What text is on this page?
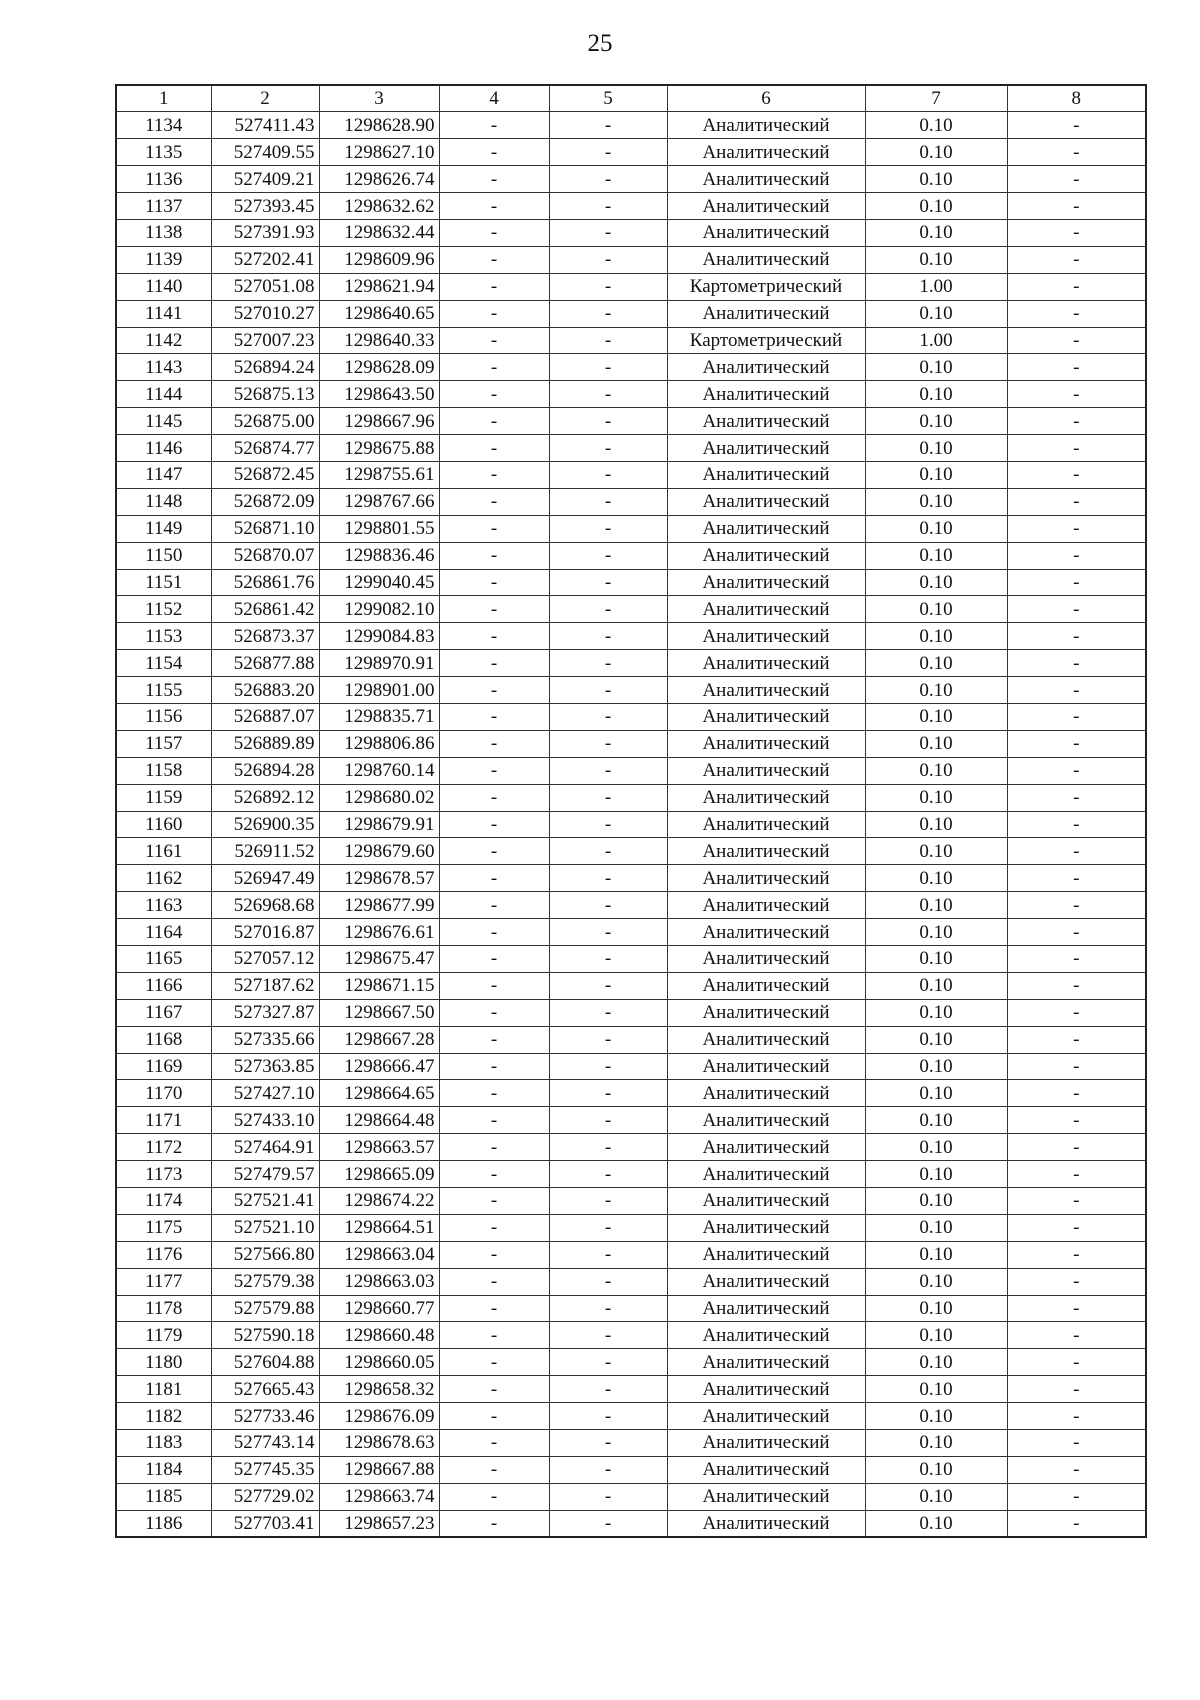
25
1	2	3	4	5	6	7	8
1134	527411.43	1298628.90	-	-	Аналитический	0.10	-
1135	527409.55	1298627.10	-	-	Аналитический	0.10	-
1136	527409.21	1298626.74	-	-	Аналитический	0.10	-
1137	527393.45	1298632.62	-	-	Аналитический	0.10	-
1138	527391.93	1298632.44	-	-	Аналитический	0.10	-
1139	527202.41	1298609.96	-	-	Аналитический	0.10	-
1140	527051.08	1298621.94	-	-	Картометрический	1.00	-
1141	527010.27	1298640.65	-	-	Аналитический	0.10	-
1142	527007.23	1298640.33	-	-	Картометрический	1.00	-
1143	526894.24	1298628.09	-	-	Аналитический	0.10	-
1144	526875.13	1298643.50	-	-	Аналитический	0.10	-
1145	526875.00	1298667.96	-	-	Аналитический	0.10	-
1146	526874.77	1298675.88	-	-	Аналитический	0.10	-
1147	526872.45	1298755.61	-	-	Аналитический	0.10	-
1148	526872.09	1298767.66	-	-	Аналитический	0.10	-
1149	526871.10	1298801.55	-	-	Аналитический	0.10	-
1150	526870.07	1298836.46	-	-	Аналитический	0.10	-
1151	526861.76	1299040.45	-	-	Аналитический	0.10	-
1152	526861.42	1299082.10	-	-	Аналитический	0.10	-
1153	526873.37	1299084.83	-	-	Аналитический	0.10	-
1154	526877.88	1298970.91	-	-	Аналитический	0.10	-
1155	526883.20	1298901.00	-	-	Аналитический	0.10	-
1156	526887.07	1298835.71	-	-	Аналитический	0.10	-
1157	526889.89	1298806.86	-	-	Аналитический	0.10	-
1158	526894.28	1298760.14	-	-	Аналитический	0.10	-
1159	526892.12	1298680.02	-	-	Аналитический	0.10	-
1160	526900.35	1298679.91	-	-	Аналитический	0.10	-
1161	526911.52	1298679.60	-	-	Аналитический	0.10	-
1162	526947.49	1298678.57	-	-	Аналитический	0.10	-
1163	526968.68	1298677.99	-	-	Аналитический	0.10	-
1164	527016.87	1298676.61	-	-	Аналитический	0.10	-
1165	527057.12	1298675.47	-	-	Аналитический	0.10	-
1166	527187.62	1298671.15	-	-	Аналитический	0.10	-
1167	527327.87	1298667.50	-	-	Аналитический	0.10	-
1168	527335.66	1298667.28	-	-	Аналитический	0.10	-
1169	527363.85	1298666.47	-	-	Аналитический	0.10	-
1170	527427.10	1298664.65	-	-	Аналитический	0.10	-
1171	527433.10	1298664.48	-	-	Аналитический	0.10	-
1172	527464.91	1298663.57	-	-	Аналитический	0.10	-
1173	527479.57	1298665.09	-	-	Аналитический	0.10	-
1174	527521.41	1298674.22	-	-	Аналитический	0.10	-
1175	527521.10	1298664.51	-	-	Аналитический	0.10	-
1176	527566.80	1298663.04	-	-	Аналитический	0.10	-
1177	527579.38	1298663.03	-	-	Аналитический	0.10	-
1178	527579.88	1298660.77	-	-	Аналитический	0.10	-
1179	527590.18	1298660.48	-	-	Аналитический	0.10	-
1180	527604.88	1298660.05	-	-	Аналитический	0.10	-
1181	527665.43	1298658.32	-	-	Аналитический	0.10	-
1182	527733.46	1298676.09	-	-	Аналитический	0.10	-
1183	527743.14	1298678.63	-	-	Аналитический	0.10	-
1184	527745.35	1298667.88	-	-	Аналитический	0.10	-
1185	527729.02	1298663.74	-	-	Аналитический	0.10	-
1186	527703.41	1298657.23	-	-	Аналитический	0.10	-
